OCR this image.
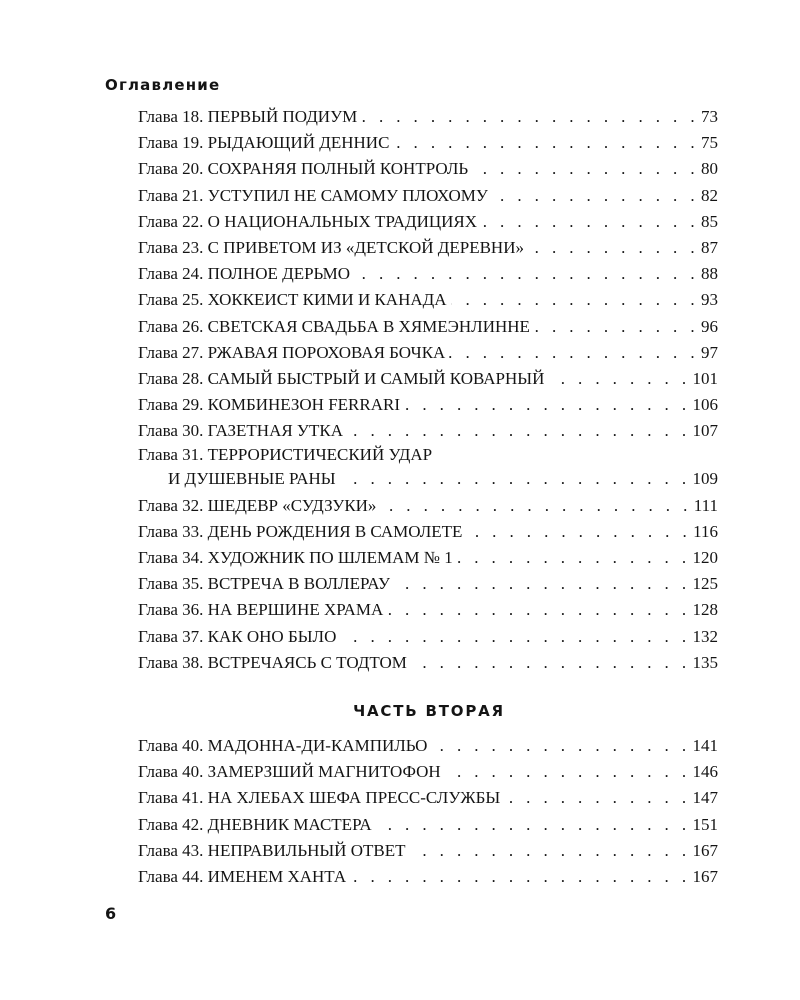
Оглавление
Глава 18. ПЕРВЫЙ ПОДИУМ . . .	73
Глава 19. РЫДАЮЩИЙ ДЕННИС . . .	75
Глава 20. СОХРАНЯЯ ПОЛНЫЙ КОНТРОЛЬ . . .	80
Глава 21. УСТУПИЛ НЕ САМОМУ ПЛОХОМУ . . .	82
Глава 22. О НАЦИОНАЛЬНЫХ ТРАДИЦИЯХ . . .	85
Глава 23. С ПРИВЕТОМ ИЗ «ДЕТСКОЙ ДЕРЕВНИ» . . .	87
Глава 24. ПОЛНОЕ ДЕРЬМО . . .	88
Глава 25. ХОККЕИСТ КИМИ И КАНАДА . . .	93
Глава 26. СВЕТСКАЯ СВАДЬБА В ХЯМЕЭНЛИННЕ . . .	96
Глава 27. РЖАВАЯ ПОРОХОВАЯ БОЧКА . . .	97
Глава 28. САМЫЙ БЫСТРЫЙ И САМЫЙ КОВАРНЫЙ . . .	101
Глава 29. КОМБИНЕЗОН FERRARI . . .	106
Глава 30. ГАЗЕТНАЯ УТКА . . .	107
Глава 31. ТЕРРОРИСТИЧЕСКИЙ УДАР
И ДУШЕВНЫЕ РАНЫ . . .	109
Глава 32. ШЕДЕВР «СУДЗУКИ» . . .	111
Глава 33. ДЕНЬ РОЖДЕНИЯ В САМОЛЕТЕ . . .	116
Глава 34. ХУДОЖНИК ПО ШЛЕМАМ № 1 . . .	120
Глава 35. ВСТРЕЧА В ВОЛЛЕРАУ . . .	125
Глава 36. НА ВЕРШИНЕ ХРАМА . . .	128
Глава 37. КАК ОНО БЫЛО . . .	132
Глава 38. ВСТРЕЧАЯСЬ С ТОДТОМ . . .	135
ЧАСТЬ ВТОРАЯ
Глава 40. МАДОННА-ДИ-КАМПИЛЬО . . .	141
Глава 40. ЗАМЕРЗШИЙ МАГНИТОФОН . . .	146
Глава 41. НА ХЛЕБАХ ШЕФА ПРЕСС-СЛУЖБЫ . . .	147
Глава 42. ДНЕВНИК МАСТЕРА . . .	151
Глава 43. НЕПРАВИЛЬНЫЙ ОТВЕТ . . .	167
Глава 44. ИМЕНЕМ ХАНТА . . .	167
6
